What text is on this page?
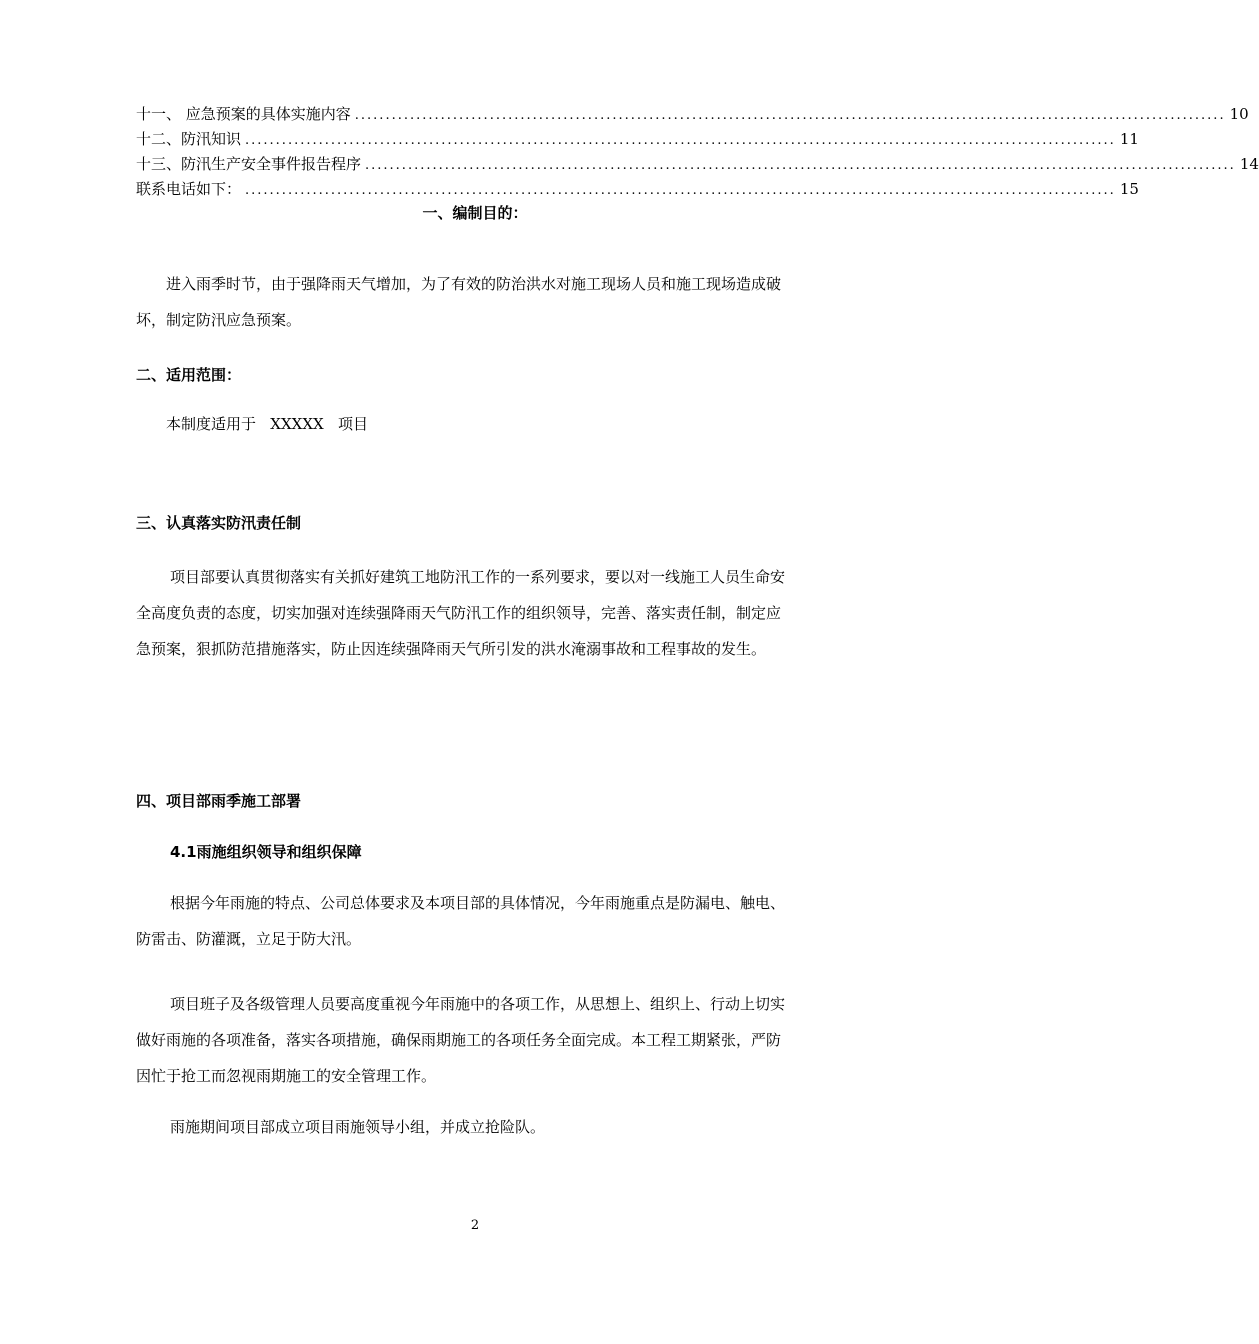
十一、 应急预案的具体实施内容 .............................................................................................................................................. 10
十二、防汛知识 .............................................................................................................................................. 11
十三、防汛生产安全事件报告程序 .............................................................................................................................................. 14
联系电话如下： .............................................................................................................................................. 15
一、编制目的：
进入雨季时节，由于强降雨天气增加，为了有效的防治洪水对施工现场人员和施工现场造成破坏，制定防汛应急预案。
二、适用范围：
本制度适用于   XXXXX   项目
三、认真落实防汛责任制
项目部要认真贯彻落实有关抓好建筑工地防汛工作的一系列要求，要以对一线施工人员生命安全高度负责的态度，切实加强对连续强降雨天气防汛工作的组织领导，完善、落实责任制，制定应急预案，狠抓防范措施落实，防止因连续强降雨天气所引发的洪水淹溺事故和工程事故的发生。
四、项目部雨季施工部署
4.1雨施组织领导和组织保障
根据今年雨施的特点、公司总体要求及本项目部的具体情况，今年雨施重点是防漏电、触电、防雷击、防灌溉，立足于防大汛。
项目班子及各级管理人员要高度重视今年雨施中的各项工作，从思想上、组织上、行动上切实做好雨施的各项准备，落实各项措施，确保雨期施工的各项任务全面完成。本工程工期紧张，严防因忙于抢工而忽视雨期施工的安全管理工作。
雨施期间项目部成立项目雨施领导小组，并成立抢险队。
2
